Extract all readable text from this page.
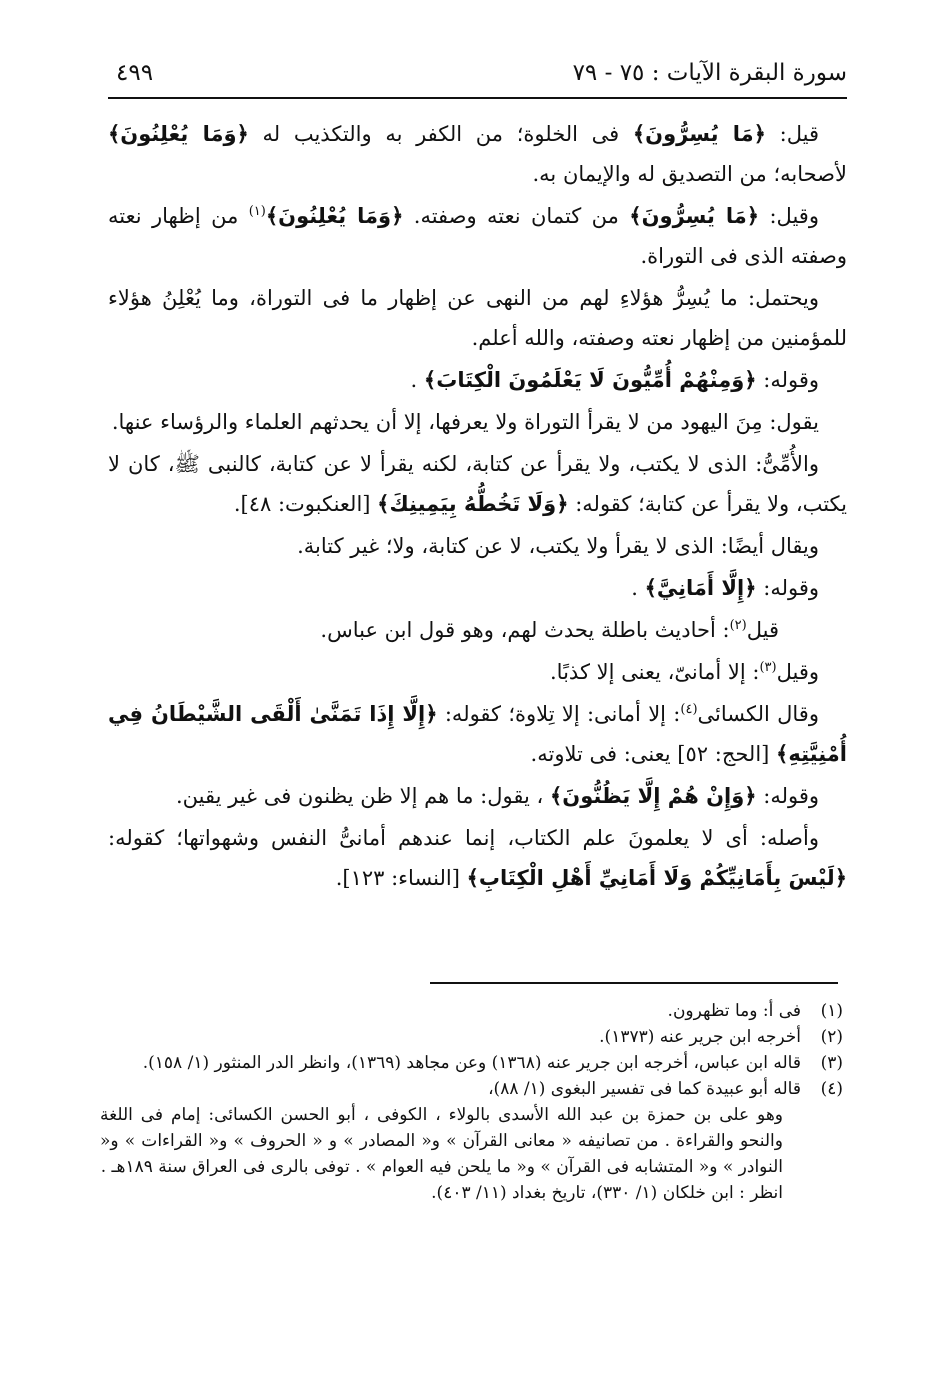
سورة البقرة الآيات : ٧٥ - ٧٩
٤٩٩

قيل: ﴿مَا يُسِرُّونَ﴾ فى الخلوة؛ من الكفر به والتكذيب له ﴿وَمَا يُعْلِنُونَ﴾ لأصحابه؛ من التصديق له والإيمان به.

وقيل: ﴿مَا يُسِرُّونَ﴾ من كتمان نعته وصفته. ﴿وَمَا يُعْلِنُونَ﴾$^{(١)}$ من إظهار نعته وصفته الذى فى التوراة.

ويحتمل: ما يُسِرُّ هؤلاءِ لهم من النهى عن إظهار ما فى التوراة، وما يُعْلِنُ هؤلاء للمؤمنين من إظهار نعته وصفته، والله أعلم.

وقوله: ﴿وَمِنْهُمْ أُمِّيُّونَ لَا يَعْلَمُونَ الْكِتَابَ﴾ .

يقول: مِنَ اليهود من لا يقرأ التوراة ولا يعرفها، إلا أن يحدثهم العلماء والرؤساء عنها.

والأُمِّىُّ: الذى لا يكتب، ولا يقرأ عن كتابة، لكنه يقرأ لا عن كتابة، كالنبى ﷺ، كان لا يكتب، ولا يقرأ عن كتابة؛ كقوله: ﴿وَلَا تَخُطُّهُ بِيَمِينِكَ﴾ [العنكبوت: ٤٨].

ويقال أيضًا: الذى لا يقرأ ولا يكتب، لا عن كتابة، ولا؛ غير كتابة.

وقوله: ﴿إِلَّا أَمَانِيَّ﴾ .

قيل$^{(٢)}$: أحاديث باطلة يحدث لهم، وهو قول ابن عباس.

وقيل$^{(٣)}$: إلا أمانىّ، يعنى إلا كذبًا.

وقال الكسائى$^{(٤)}$: إلا أمانى: إلا تِلاوة؛ كقوله: ﴿إِلَّا إِذَا تَمَنَّىٰ أَلْقَى الشَّيْطَانُ فِي أُمْنِيَّتِهِ﴾ [الحج: ٥٢] يعنى: فى تلاوته.

وقوله: ﴿وَإِنْ هُمْ إِلَّا يَظُنُّونَ﴾ ، يقول: ما هم إلا ظن يظنون فى غير يقين.

وأصله: أى لا يعلمونَ علم الكتاب، إنما عندهم أمانىُّ النفس وشهواتها؛ كقوله: ﴿لَيْسَ بِأَمَانِيِّكُمْ وَلَا أَمَانِيِّ أَهْلِ الْكِتَابِ﴾ [النساء: ١٢٣].

(١)
فى أ: وما تظهرون.
(٢)
أخرجه ابن جرير عنه (١٣٧٣).
(٣)
قاله ابن عباس، أخرجه ابن جرير عنه (١٣٦٨) وعن مجاهد (١٣٦٩)، وانظر الدر المنثور (١/ ١٥٨).
(٤)
قاله أبو عبيدة كما فى تفسير البغوى (١/ ٨٨)،

وهو على بن حمزة بن عبد الله الأسدى بالولاء ، الكوفى ، أبو الحسن الكسائى: إمام فى اللغة والنحو والقراءة . من تصانيفه « معانى القرآن » و« المصادر » و « الحروف » و« القراءات » و« النوادر » و« المتشابه فى القرآن » و« ما يلحن فيه العوام » . توفى بالرى فى العراق سنة ١٨٩هـ .

انظر : ابن خلكان (١/ ٣٣٠)، تاريخ بغداد (١١/ ٤٠٣).
